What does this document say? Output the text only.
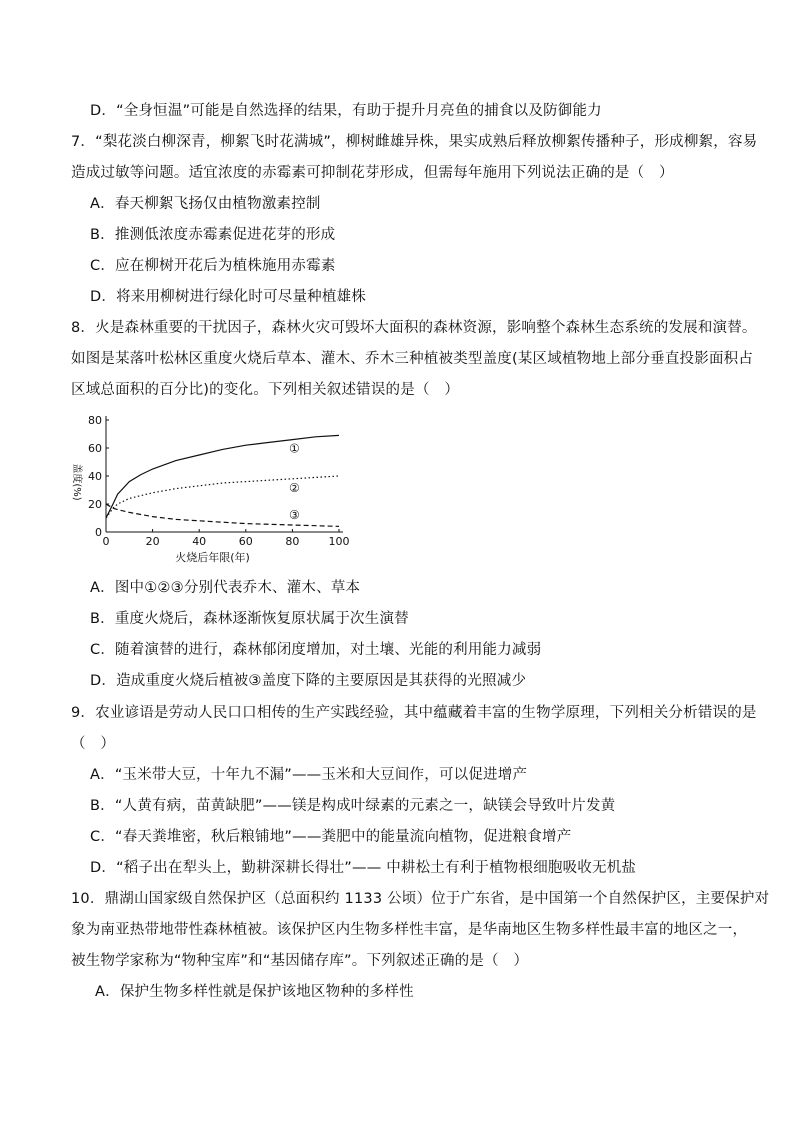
D．“全身恒温”可能是自然选择的结果，有助于提升月亮鱼的捕食以及防御能力
7．“梨花淡白柳深青，柳絮飞时花满城”，柳树雌雄异株，果实成熟后释放柳絮传播种子，形成柳絮，容易
造成过敏等问题。适宜浓度的赤霉素可抑制花芽形成，但需每年施用下列说法正确的是（　）
A．春天柳絮飞扬仅由植物激素控制
B．推测低浓度赤霉素促进花芽的形成
C．应在柳树开花后为植株施用赤霉素
D．将来用柳树进行绿化时可尽量种植雄株
8．火是森林重要的干扰因子，森林火灾可毁坏大面积的森林资源，影响整个森林生态系统的发展和演替。
如图是某落叶松林区重度火烧后草本、灌木、乔木三种植被类型盖度(某区域植物地上部分垂直投影面积占
区域总面积的百分比)的变化。下列相关叙述错误的是（　）
0	20	40	60	80	100
0
20
40
60
80
火烧后年限(年)
盖度(%)
①
②
③
A．图中①②③分别代表乔木、灌木、草本
B．重度火烧后，森林逐渐恢复原状属于次生演替
C．随着演替的进行，森林郁闭度增加，对土壤、光能的利用能力减弱
D．造成重度火烧后植被③盖度下降的主要原因是其获得的光照减少
9．农业谚语是劳动人民口口相传的生产实践经验，其中蕴藏着丰富的生物学原理，下列相关分析错误的是
（　）
A．“玉米带大豆，十年九不漏”——玉米和大豆间作，可以促进增产
B．“人黄有病，苗黄缺肥”——镁是构成叶绿素的元素之一，缺镁会导致叶片发黄
C．“春天粪堆密，秋后粮铺地”——粪肥中的能量流向植物，促进粮食增产
D．“稻子出在犁头上，勤耕深耕长得壮”—— 中耕松土有利于植物根细胞吸收无机盐
10．鼎湖山国家级自然保护区（总面积约 1133 公顷）位于广东省，是中国第一个自然保护区，主要保护对
象为南亚热带地带性森林植被。该保护区内生物多样性丰富，是华南地区生物多样性最丰富的地区之一，
被生物学家称为“物种宝库”和“基因储存库”。下列叙述正确的是（　）
A．保护生物多样性就是保护该地区物种的多样性
